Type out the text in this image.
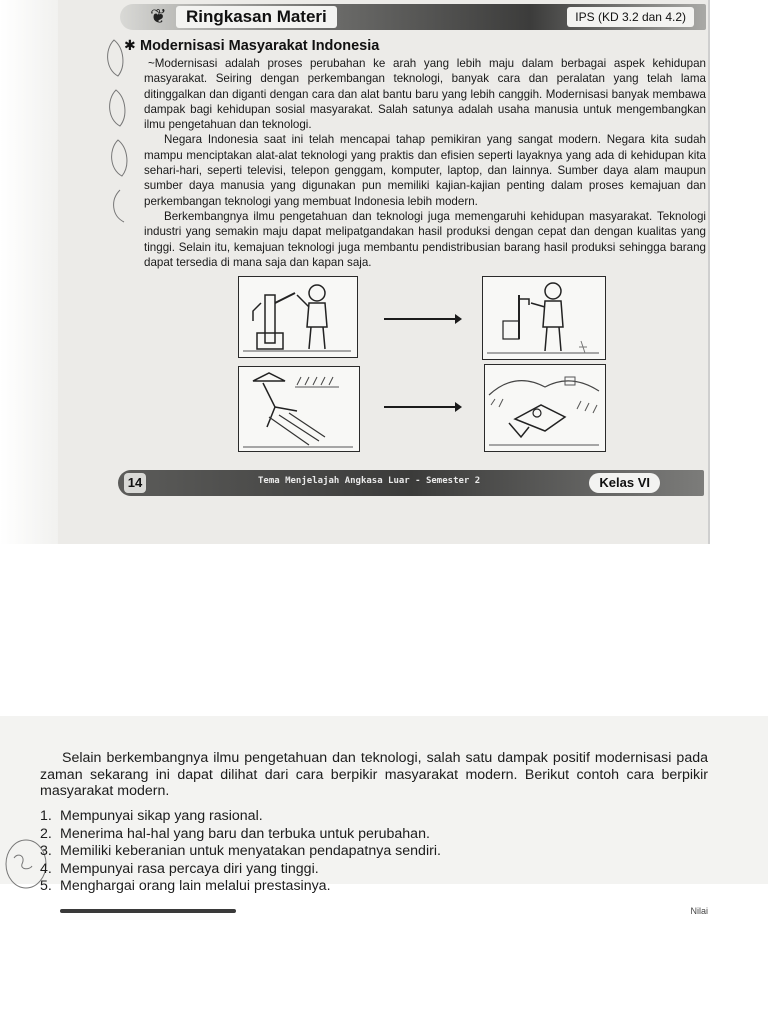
❦	Ringkasan Materi	IPS (KD 3.2 dan 4.2)
✱ Modernisasi Masyarakat Indonesia

~Modernisasi adalah proses perubahan ke arah yang lebih maju dalam berbagai aspek kehidupan masyarakat. Seiring dengan perkembangan teknologi, banyak cara dan peralatan yang telah lama ditinggalkan dan diganti dengan cara dan alat bantu baru yang lebih canggih. Modernisasi banyak membawa dampak bagi kehidupan sosial masyarakat. Salah satunya adalah usaha manusia untuk mengembangkan ilmu pengetahuan dan teknologi.

Negara Indonesia saat ini telah mencapai tahap pemikiran yang sangat modern. Negara kita sudah mampu menciptakan alat-alat teknologi yang praktis dan efisien seperti layaknya yang ada di kehidupan kita sehari-hari, seperti televisi, telepon genggam, komputer, laptop, dan lainnya. Sumber daya alam maupun sumber daya manusia yang digunakan pun memiliki kajian-kajian penting dalam proses kemajuan dan perkembangan teknologi yang membuat Indonesia lebih modern.

Berkembangnya ilmu pengetahuan dan teknologi juga memengaruhi kehidupan masyarakat. Teknologi industri yang semakin maju dapat melipatgandakan hasil produksi dengan cepat dan dengan kualitas yang tinggi. Selain itu, kemajuan teknologi juga membantu pendistribusian barang hasil produksi sehingga barang dapat tersedia di mana saja dan kapan saja.

14	Tema Menjelajah Angkasa Luar - Semester 2	Kelas VI

Selain berkembangnya ilmu pengetahuan dan teknologi, salah satu dampak positif modernisasi pada zaman sekarang ini dapat dilihat dari cara berpikir masyarakat modern. Berikut contoh cara berpikir masyarakat modern.

1. Mempunyai sikap yang rasional.
2. Menerima hal-hal yang baru dan terbuka untuk perubahan.
3. Memiliki keberanian untuk menyatakan pendapatnya sendiri.
4. Mempunyai rasa percaya diri yang tinggi.
5. Menghargai orang lain melalui prestasinya.
Nilai
